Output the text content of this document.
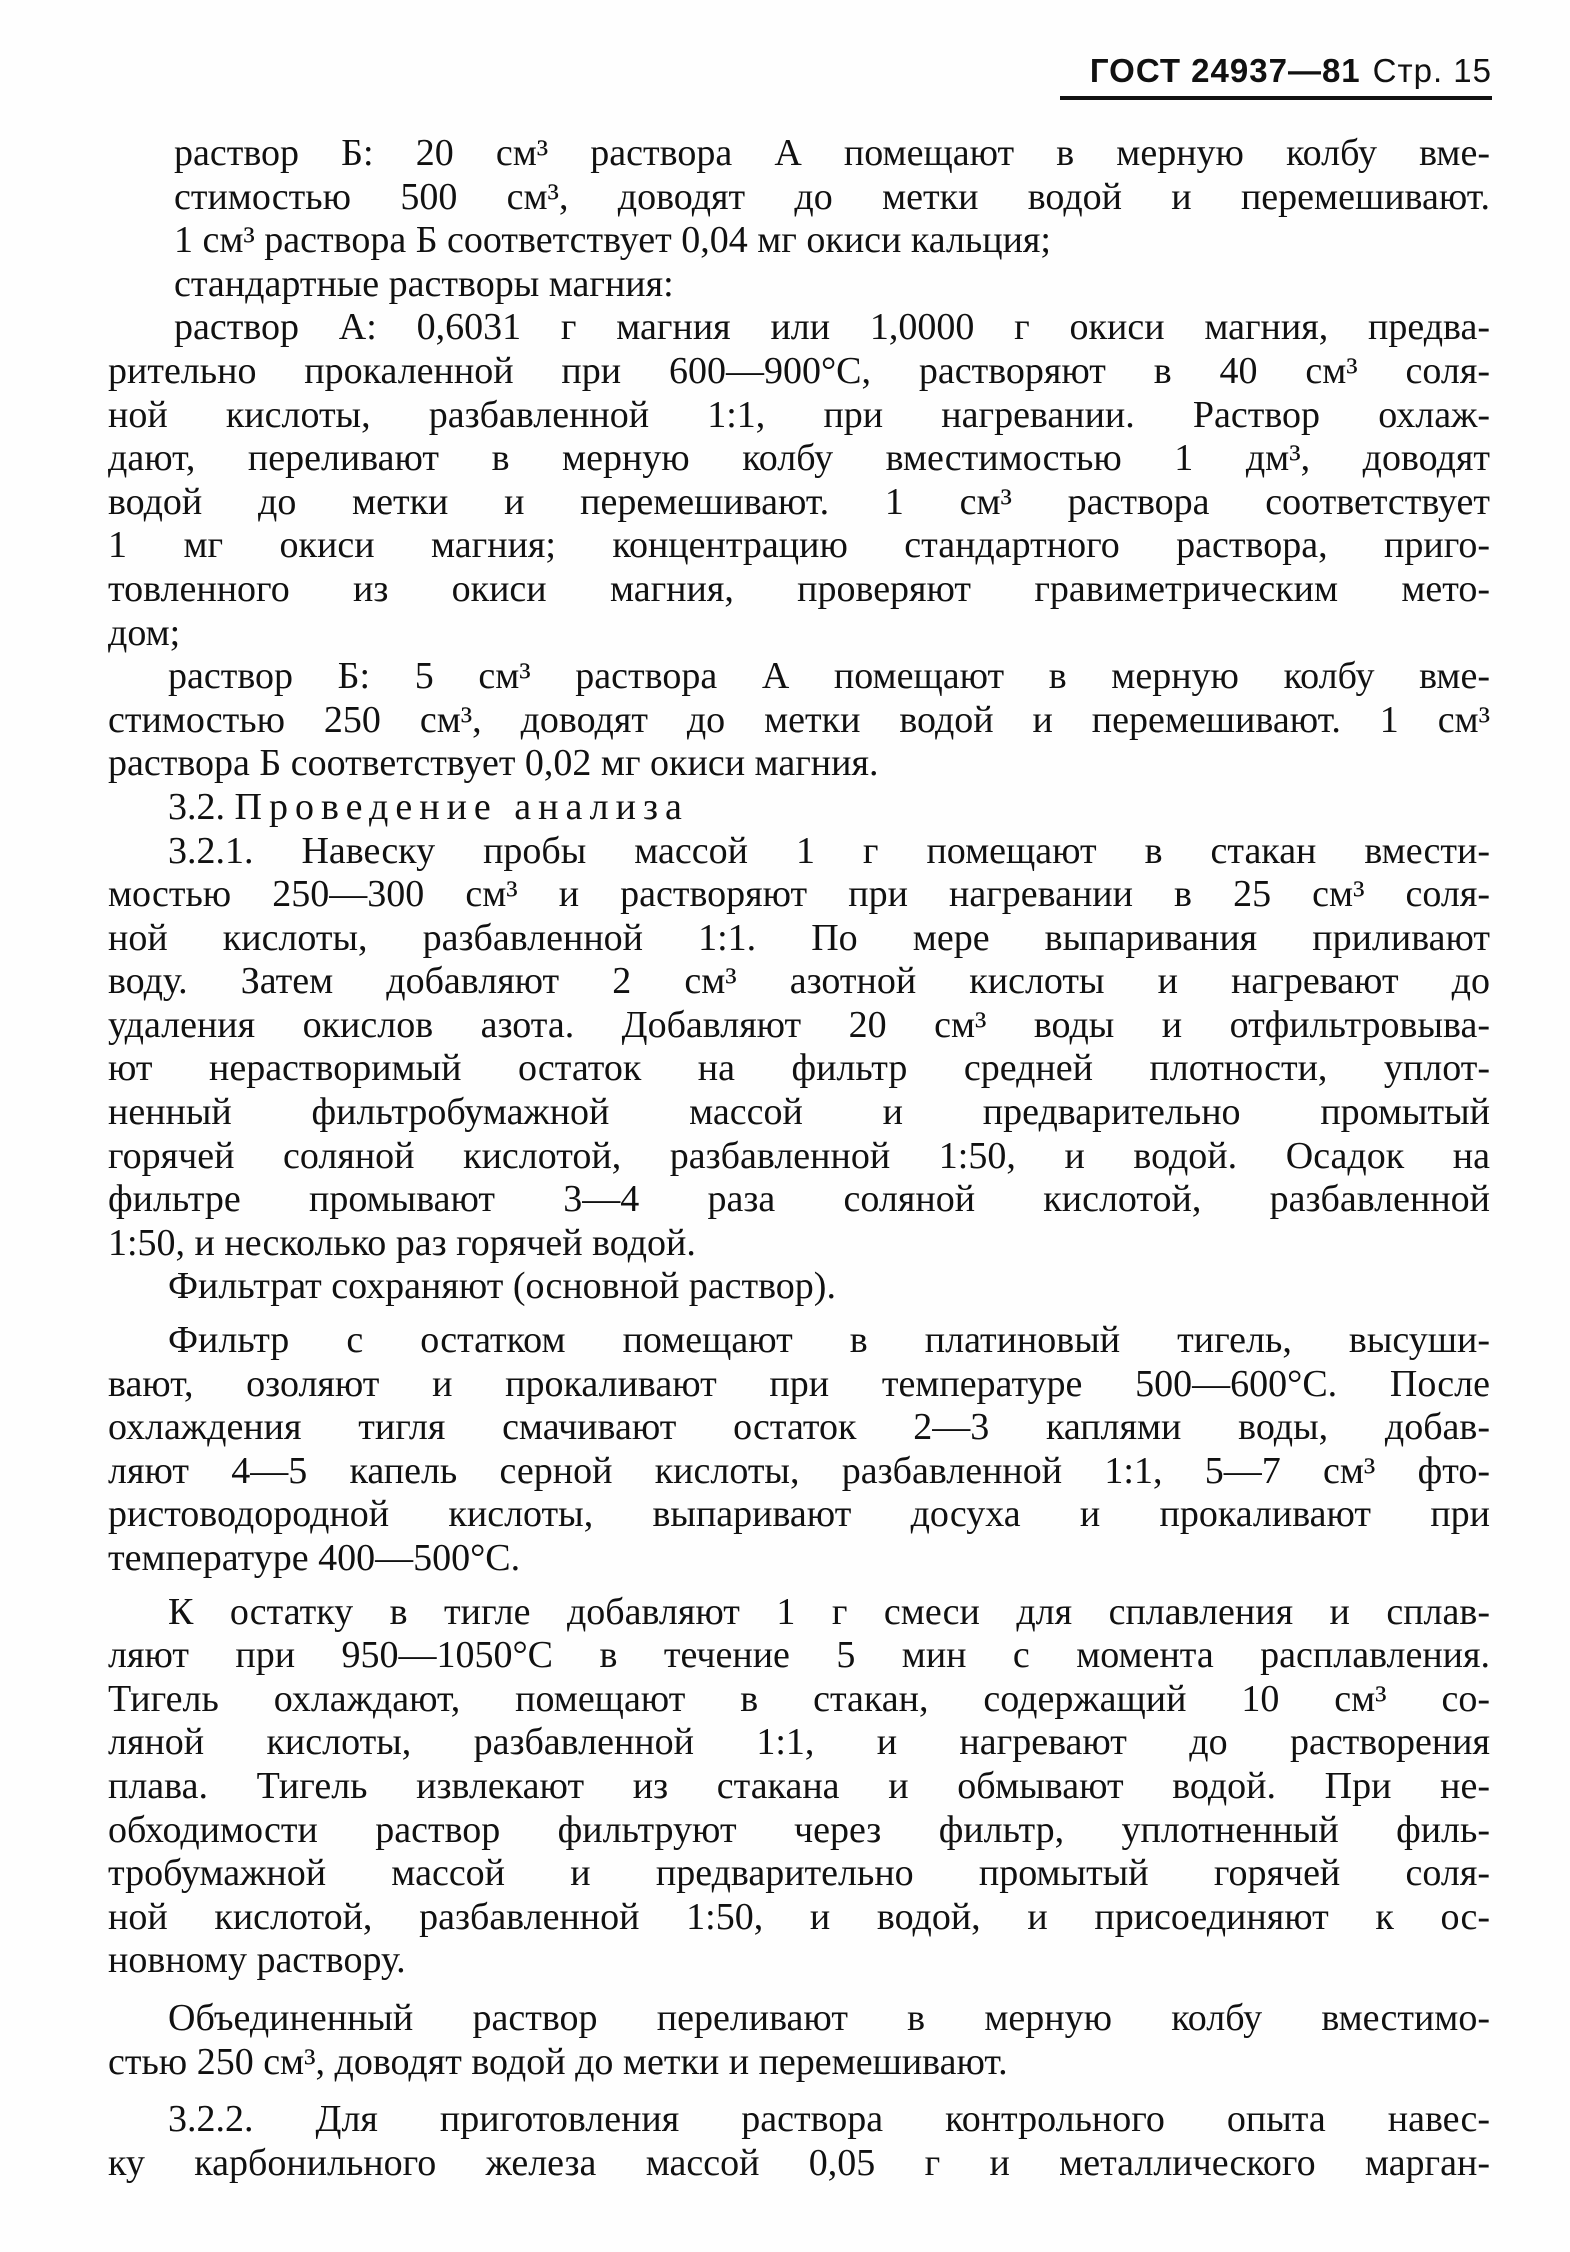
ГОСТ 24937—81 Стр. 15

раствор Б: 20 см³ раствора А помещают в мерную колбу вме-

стимостью 500 см³, доводят до метки водой и перемешивают.

1 см³ раствора Б соответствует 0,04 мг окиси кальция;

стандартные растворы магния:

раствор А: 0,6031 г магния или 1,0000 г окиси магния, предва-

рительно прокаленной при 600—900°С, растворяют в 40 см³ соля-

ной кислоты, разбавленной 1:1, при нагревании. Раствор охлаж-

дают, переливают в мерную колбу вместимостью 1 дм³, доводят

водой до метки и перемешивают. 1 см³ раствора соответствует

1 мг окиси магния; концентрацию стандартного раствора, приго-

товленного из окиси магния, проверяют гравиметрическим мето-

дом;

раствор Б: 5 см³ раствора А помещают в мерную колбу вме-

стимостью 250 см³, доводят до метки водой и перемешивают. 1 см³

раствора Б соответствует 0,02 мг окиси магния.

3.2. Проведение анализа

3.2.1. Навеску пробы массой 1 г помещают в стакан вмести-

мостью 250—300 см³ и растворяют при нагревании в 25 см³ соля-

ной кислоты, разбавленной 1:1. По мере выпаривания приливают

воду. Затем добавляют 2 см³ азотной кислоты и нагревают до

удаления окислов азота. Добавляют 20 см³ воды и отфильтровыва-

ют нерастворимый остаток на фильтр средней плотности, уплот-

ненный фильтробумажной массой и предварительно промытый

горячей соляной кислотой, разбавленной 1:50, и водой. Осадок на

фильтре промывают 3—4 раза соляной кислотой, разбавленной

1:50, и несколько раз горячей водой.

Фильтрат сохраняют (основной раствор).

Фильтр с остатком помещают в платиновый тигель, высуши-

вают, озоляют и прокаливают при температуре 500—600°С. После

охлаждения тигля смачивают остаток 2—3 каплями воды, добав-

ляют 4—5 капель серной кислоты, разбавленной 1:1, 5—7 см³ фто-

ристоводородной кислоты, выпаривают досуха и прокаливают при

температуре 400—500°С.

К остатку в тигле добавляют 1 г смеси для сплавления и сплав-

ляют при 950—1050°С в течение 5 мин с момента расплавления.

Тигель охлаждают, помещают в стакан, содержащий 10 см³ со-

ляной кислоты, разбавленной 1:1, и нагревают до растворения

плава. Тигель извлекают из стакана и обмывают водой. При не-

обходимости раствор фильтруют через фильтр, уплотненный филь-

тробумажной массой и предварительно промытый горячей соля-

ной кислотой, разбавленной 1:50, и водой, и присоединяют к ос-

новному раствору.

Объединенный раствор переливают в мерную колбу вместимо-

стью 250 см³, доводят водой до метки и перемешивают.

3.2.2. Для приготовления раствора контрольного опыта навес-

ку карбонильного железа массой 0,05 г и металлического марган-
